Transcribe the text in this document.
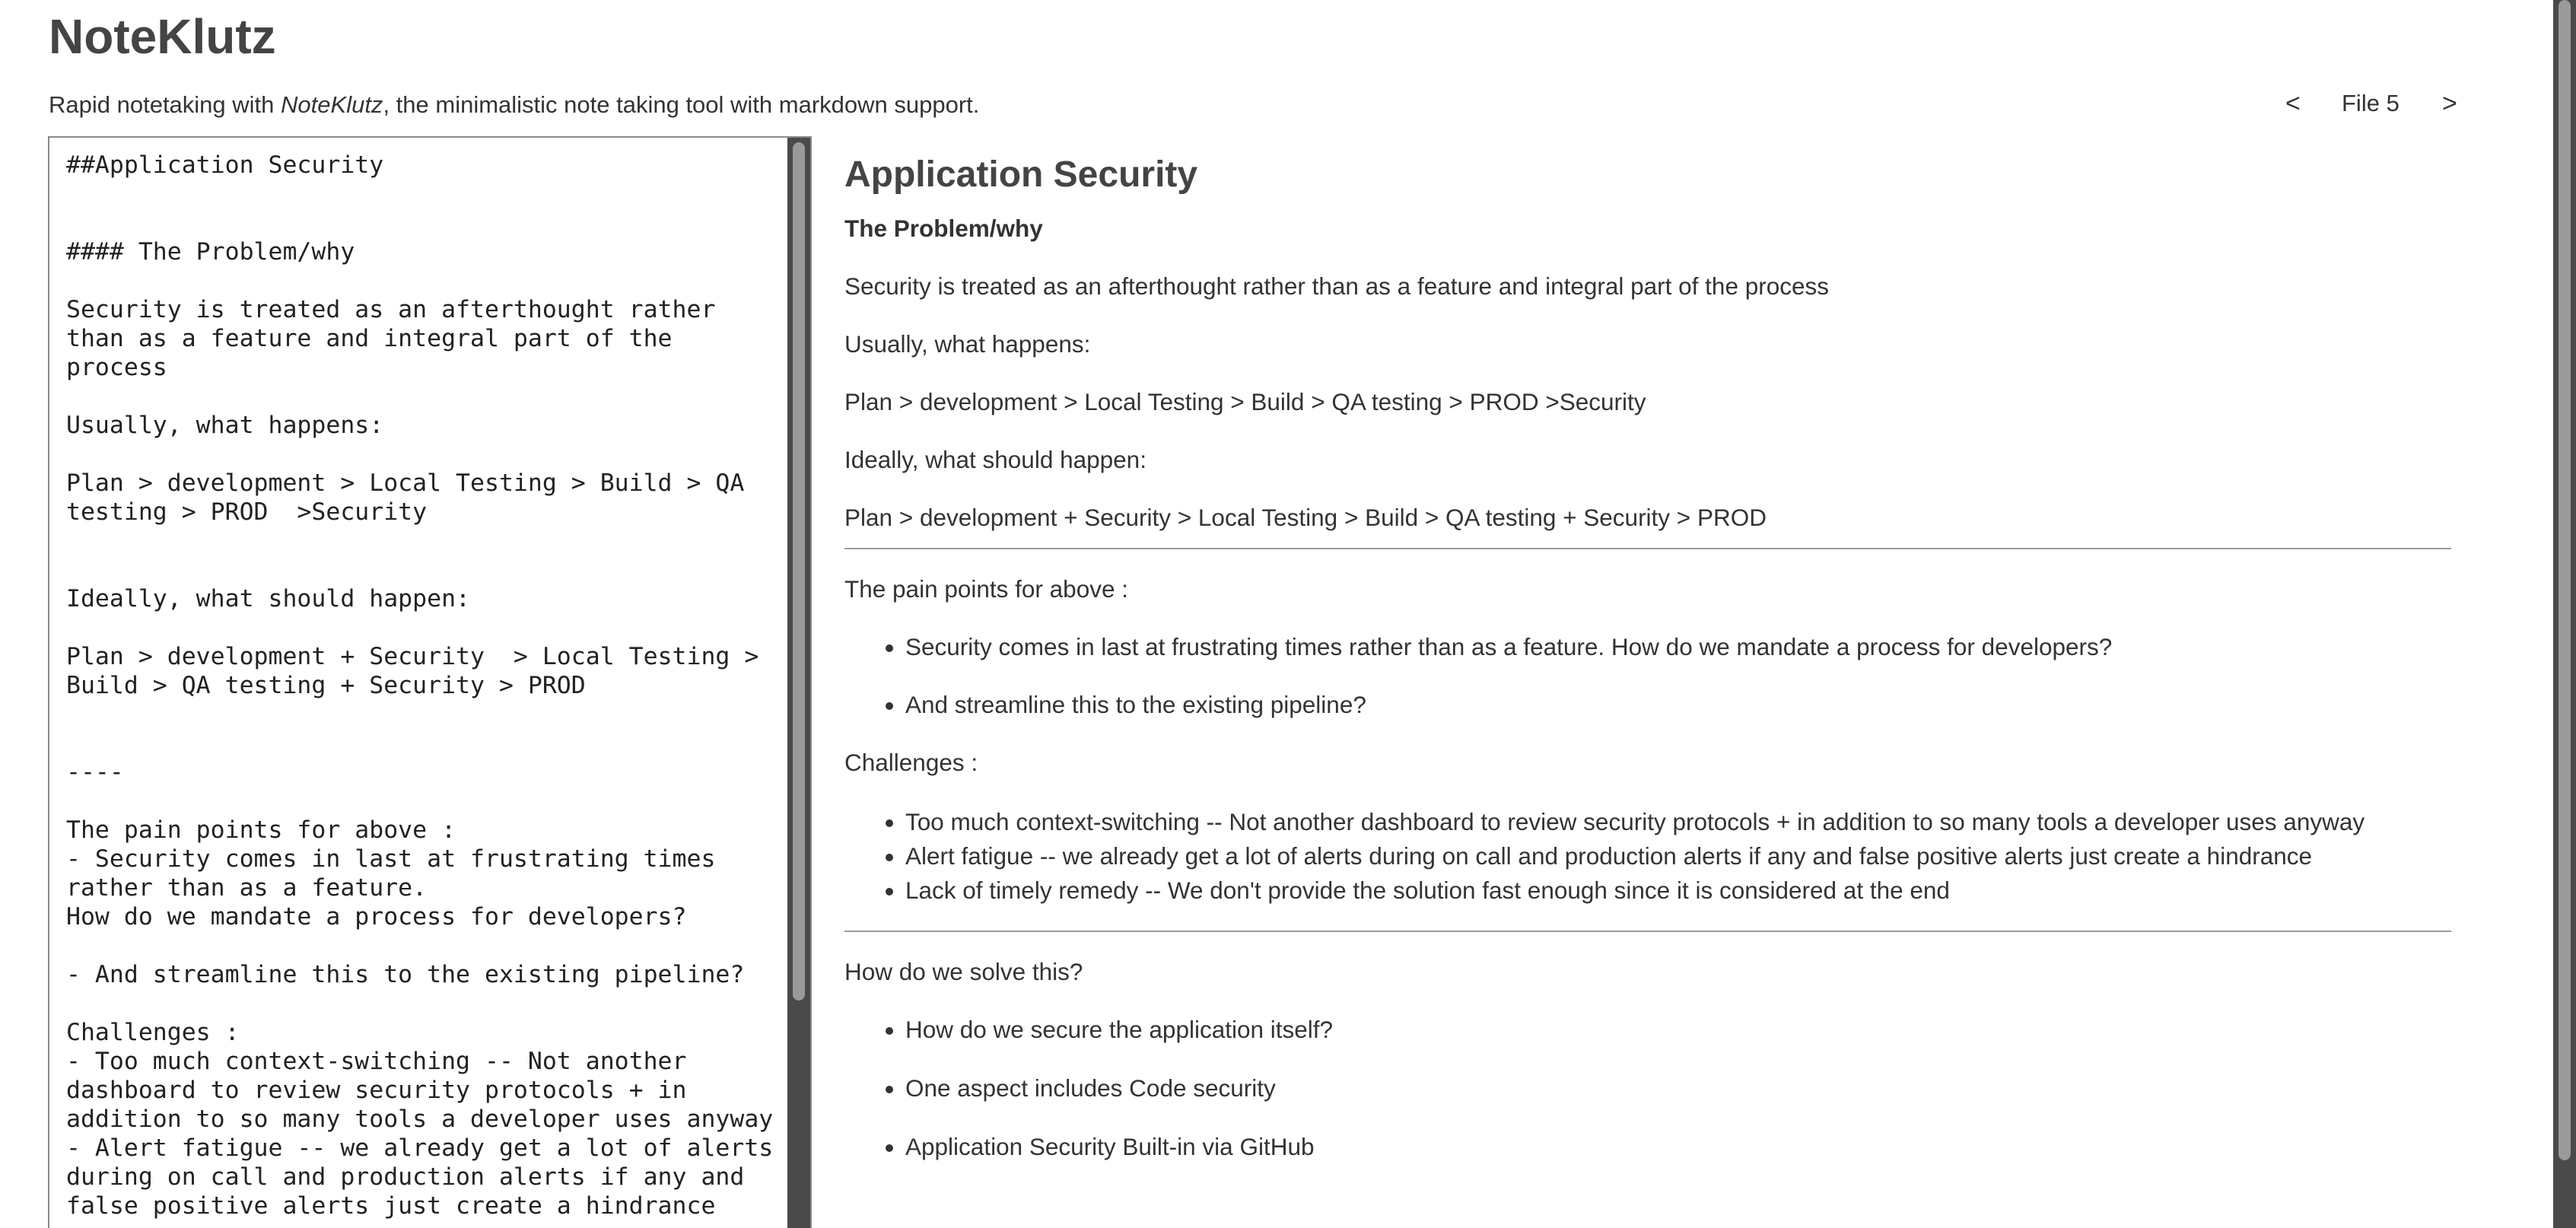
NoteKlutz

Rapid notetaking with NoteKlutz, the minimalistic note taking tool with markdown support.	< File 5 >
##Application Security #### The Problem/why Security is treated as an afterthought rather than as a feature and integral part of the process Usually, what happens: Plan > development > Local Testing > Build > QA testing > PROD >Security Ideally, what should happen: Plan > development + Security > Local Testing > Build > QA testing + Security > PROD ---- The pain points for above : - Security comes in last at frustrating times rather than as a feature. How do we mandate a process for developers? - And streamline this to the existing pipeline? Challenges : - Too much context-switching -- Not another dashboard to review security protocols + in addition to so many tools a developer uses anyway - Alert fatigue -- we already get a lot of alerts during on call and production alerts if any and false positive alerts just create a hindrance
Application Security
The Problem/why

Security is treated as an afterthought rather than as a feature and integral part of the process

Usually, what happens:

Plan > development > Local Testing > Build > QA testing > PROD >Security

Ideally, what should happen:

Plan > development + Security > Local Testing > Build > QA testing + Security > PROD

The pain points for above :

• Security comes in last at frustrating times rather than as a feature. How do we mandate a process for developers?
• And streamline this to the existing pipeline?

Challenges :

• Too much context-switching -- Not another dashboard to review security protocols + in addition to so many tools a developer uses anyway
• Alert fatigue -- we already get a lot of alerts during on call and production alerts if any and false positive alerts just create a hindrance
• Lack of timely remedy -- We don't provide the solution fast enough since it is considered at the end

How do we solve this?

• How do we secure the application itself?
• One aspect includes Code security
• Application Security Built-in via GitHub
